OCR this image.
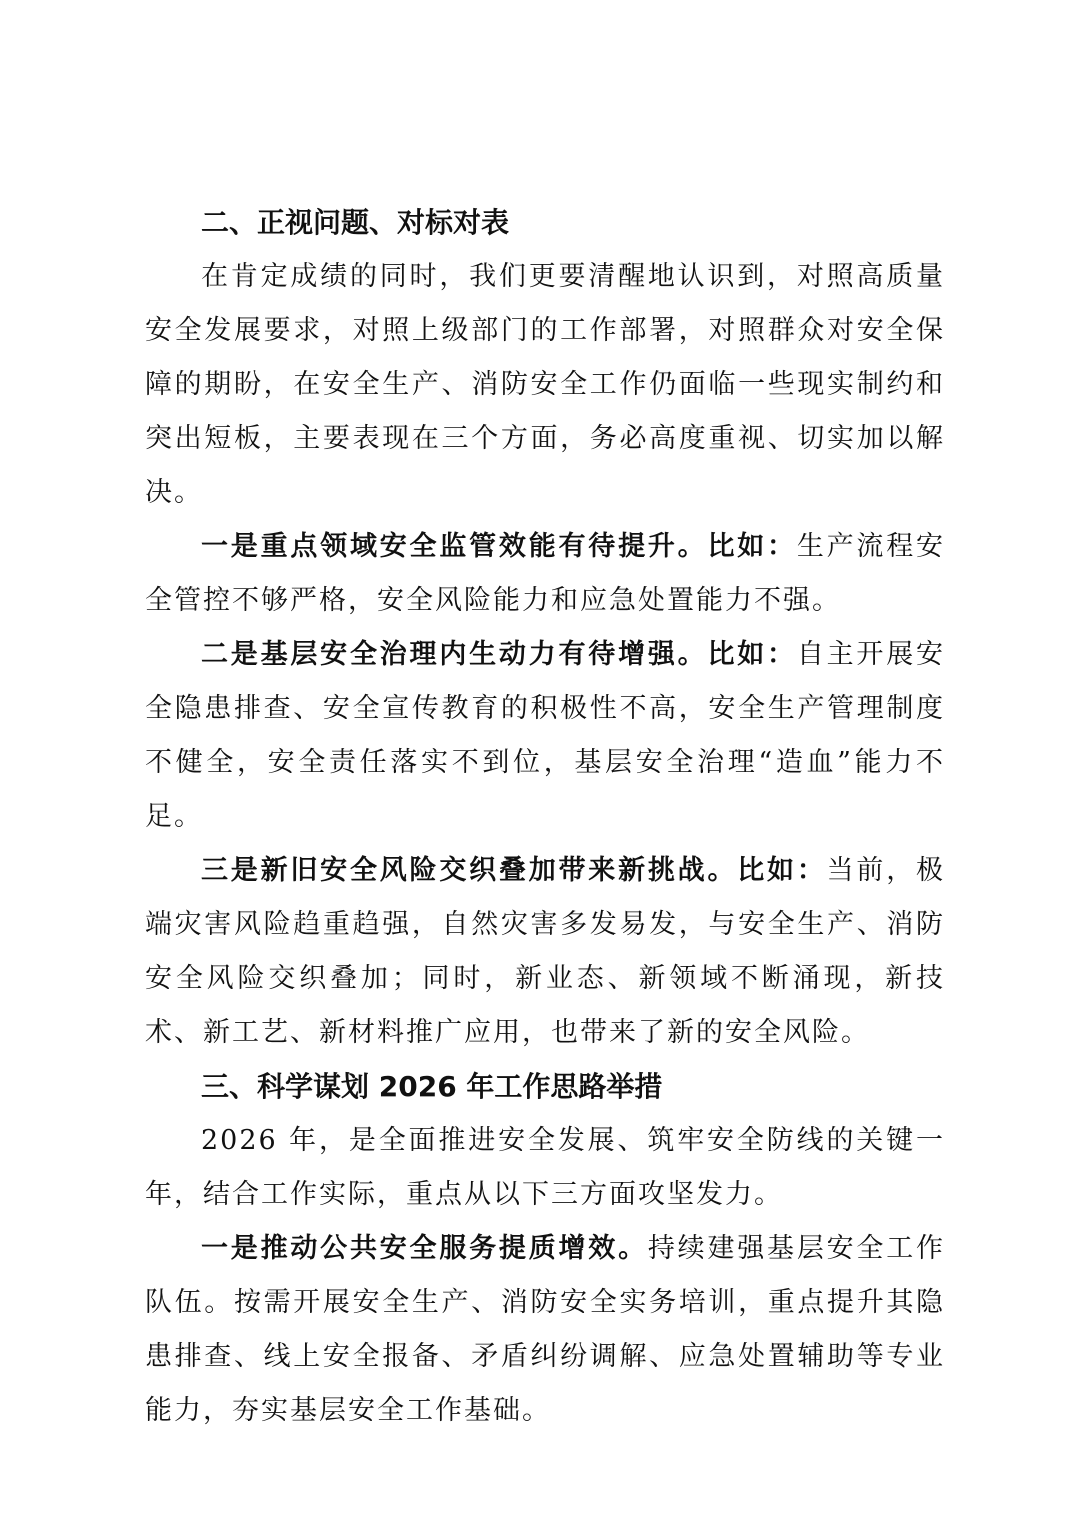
二、正视问题、对标对表

在肯定成绩的同时，我们更要清醒地认识到，对照高质量安全发展要求，对照上级部门的工作部署，对照群众对安全保障的期盼，在安全生产、消防安全工作仍面临一些现实制约和突出短板，主要表现在三个方面，务必高度重视、切实加以解决。

一是重点领域安全监管效能有待提升。比如：生产流程安全管控不够严格，安全风险能力和应急处置能力不强。

二是基层安全治理内生动力有待增强。比如：自主开展安全隐患排查、安全宣传教育的积极性不高，安全生产管理制度不健全，安全责任落实不到位，基层安全治理“造血”能力不足。

三是新旧安全风险交织叠加带来新挑战。比如：当前，极端灾害风险趋重趋强，自然灾害多发易发，与安全生产、消防安全风险交织叠加；同时，新业态、新领域不断涌现，新技术、新工艺、新材料推广应用，也带来了新的安全风险。

三、科学谋划 2026 年工作思路举措

2026 年，是全面推进安全发展、筑牢安全防线的关键一年，结合工作实际，重点从以下三方面攻坚发力。

一是推动公共安全服务提质增效。持续建强基层安全工作队伍。按需开展安全生产、消防安全实务培训，重点提升其隐患排查、线上安全报备、矛盾纠纷调解、应急处置辅助等专业能力，夯实基层安全工作基础。
